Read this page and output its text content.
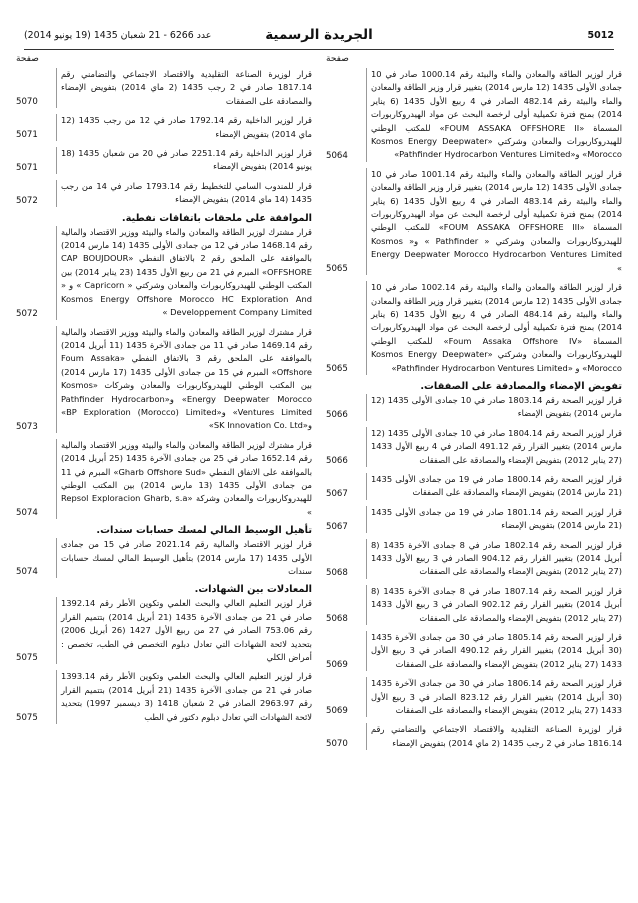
5012
الجريدة الرسمية
عدد 6266 - 21 شعبان 1435 (19 يونيو 2014)
صفحة
5064
قرار لوزير الطاقة والمعادن والماء والبيئة رقم 1000.14 صادر في 10 جمادى الأولى 1435 (12 مارس 2014) بتغيير قرار وزير الطاقة والمعادن والماء والبيئة رقم 482.14 الصادر في 4 ربيع الأول 1435 (6 يناير 2014) بمنح فترة تكميلية أولى لرخصة البحث عن مواد الهيدروكاربورات المسماة «FOUM ASSAKA OFFSHORE II» للمكتب الوطني للهيدروكاربورات والمعادن وشركتي «Kosmos Energy Deepwater Morocco» و«Pathfinder Hydrocarbon Ventures Limited»
5065
قرار لوزير الطاقة والمعادن والماء والبيئة رقم 1001.14 صادر في 10 جمادى الأولى 1435 (12 مارس 2014) بتغيير قرار وزير الطاقة والمعادن والماء والبيئة رقم 483.14 الصادر في 4 ربيع الأول 1435 (6 يناير 2014) بمنح فترة تكميلية أولى لرخصة البحث عن مواد الهيدروكاربورات المسماة «FOUM ASSAKA OFFSHORE III» للمكتب الوطني للهيدروكاربورات والمعادن وشركتي « Pathfinder » و« Kosmos Energy Deepwater Morocco Hydrocarbon Ventures Limited »
5065
قرار لوزير الطاقة والمعادن والماء والبيئة رقم 1002.14 صادر في 10 جمادى الأولى 1435 (12 مارس 2014) بتغيير قرار وزير الطاقة والمعادن والماء والبيئة رقم 484.14 الصادر في 4 ربيع الأول 1435 (6 يناير 2014) بمنح فترة تكميلية أولى لرخصة البحث عن مواد الهيدروكاربورات المسماة «Foum Assaka Offshore IV» للمكتب الوطني للهيدروكاربورات والمعادن وشركتي «Kosmos Energy Deepwater Morocco» و «Pathfinder Hydrocarbon Ventures Limited»
تفويض الإمضاء والمصادقة على الصفقات.
5066
قرار لوزير الصحة رقم 1803.14 صادر في 10 جمادى الأولى 1435 (12 مارس 2014) بتفويض الإمضاء
5066
قرار لوزير الصحة رقم 1804.14 صادر في 10 جمادى الأولى 1435 (12 مارس 2014) بتغيير القرار رقم 491.12 الصادر في 4 ربيع الأول 1433 (27 يناير 2012) بتفويض الإمضاء والمصادقة على الصفقات
5067
قرار لوزير الصحة رقم 1800.14 صادر في 19 من جمادى الأولى 1435 (21 مارس 2014) بتفويض الإمضاء والمصادقة على الصفقات
5067
قرار لوزير الصحة رقم 1801.14 صادر في 19 من جمادى الأولى 1435 (21 مارس 2014) بتفويض الإمضاء
5068
قرار لوزير الصحة رقم 1802.14 صادر في 8 جمادى الآخرة 1435 (8 أبريل 2014) بتغيير القرار رقم 904.12 الصادر في 3 ربيع الأول 1433 (27 يناير 2012) بتفويض الإمضاء والمصادقة على الصفقات
5068
قرار لوزير الصحة رقم 1807.14 صادر في 8 جمادى الآخرة 1435 (8 أبريل 2014) بتغيير القرار رقم 902.12 الصادر في 3 ربيع الأول 1433 (27 يناير 2012) بتفويض الإمضاء والمصادقة على الصفقات
5069
قرار لوزير الصحة رقم 1805.14 صادر في 30 من جمادى الآخرة 1435 (30 أبريل 2014) بتغيير القرار رقم 490.12 الصادر في 3 ربيع الأول 1433 (27 يناير 2012) بتفويض الإمضاء والمصادقة على الصفقات
5069
قرار لوزير الصحة رقم 1806.14 صادر في 30 من جمادى الآخرة 1435 (30 أبريل 2014) بتغيير القرار رقم 823.12 الصادر في 3 ربيع الأول 1433 (27 يناير 2012) بتفويض الإمضاء والمصادقة على الصفقات
5070
قرار لوزيرة الصناعة التقليدية والاقتصاد الاجتماعي والتضامني رقم 1816.14 صادر في 2 رجب 1435 (2 ماي 2014) بتفويض الإمضاء
صفحة
5070
قرار لوزيرة الصناعة التقليدية والاقتصاد الاجتماعي والتضامني رقم 1817.14 صادر في 2 رجب 1435 (2 ماي 2014) بتفويض الإمضاء والمصادقة على الصفقات
5071
قرار لوزير الداخلية رقم 1792.14 صادر في 12 من رجب 1435 (12 ماي 2014) بتفويض الإمضاء
5071
قرار لوزير الداخلية رقم 2251.14 صادر في 20 من شعبان 1435 (18 يونيو 2014) بتفويض الإمضاء
5072
قرار للمندوب السامي للتخطيط رقم 1793.14 صادر في 14 من رجب 1435 (14 ماي 2014) بتفويض الإمضاء
الموافقة على ملحقات باتفاقات نفطية.
5072
قرار مشترك لوزير الطاقة والمعادن والماء والبيئة ووزير الاقتصاد والمالية رقم 1468.14 صادر في 12 من جمادى الأولى 1435 (14 مارس 2014) بالموافقة على الملحق رقم 2 بالاتفاق النفطي «CAP BOUJDOUR OFFSHORE» المبرم في 21 من ربيع الأول 1435 (23 يناير 2014) بين المكتب الوطني للهيدروكاربورات والمعادن وشركتي « Capricorn » و « Kosmos Energy Offshore Morocco HC Exploration And Developpement Company Limited »
5073
قرار مشترك لوزير الطاقة والمعادن والماء والبيئة ووزير الاقتصاد والمالية رقم 1469.14 صادر في 11 من جمادى الآخرة 1435 (11 أبريل 2014) بالموافقة على الملحق رقم 3 بالاتفاق النفطي «Foum Assaka Offshore» المبرم في 15 من جمادى الأولى 1435 (17 مارس 2014) بين المكتب الوطني للهيدروكاربورات والمعادن وشركات «Kosmos Energy Deepwater Morocco» و«Pathfinder Hydrocarbon Ventures Limited» و«BP Exploration (Morocco) Limited» و«SK Innovation Co. Ltd»
5074
قرار مشترك لوزير الطاقة والمعادن والماء والبيئة ووزير الاقتصاد والمالية رقم 1652.14 صادر في 25 من جمادى الآخرة 1435 (25 أبريل 2014) بالموافقة على الاتفاق النفطي «Gharb Offshore Sud» المبرم في 11 من جمادى الأولى 1435 (13 مارس 2014) بين المكتب الوطني للهيدروكاربورات والمعادن وشركة «Repsol Exploracion Gharb, s.a »
تأهيل الوسيط المالي لمسك حسابات سندات.
5074
قرار لوزير الاقتصاد والمالية رقم 2021.14 صادر في 15 من جمادى الأولى 1435 (17 مارس 2014) بتأهيل الوسيط المالي لمسك حسابات سندات
المعادلات بين الشهادات.
5075
قرار لوزير التعليم العالي والبحث العلمي وتكوين الأطر رقم 1392.14 صادر في 21 من جمادى الآخرة 1435 (21 أبريل 2014) بتتميم القرار رقم 753.06 الصادر في 27 من ربيع الأول 1427 (26 أبريل 2006) بتحديد لائحة الشهادات التي تعادل دبلوم التخصص في الطب، تخصص : أمراض الكلي
5075
قرار لوزير التعليم العالي والبحث العلمي وتكوين الأطر رقم 1393.14 صادر في 21 من جمادى الآخرة 1435 (21 أبريل 2014) بتتميم القرار رقم 2963.97 الصادر في 2 شعبان 1418 (3 ديسمبر 1997) بتحديد لائحة الشهادات التي تعادل دبلوم دكتور في الطب
